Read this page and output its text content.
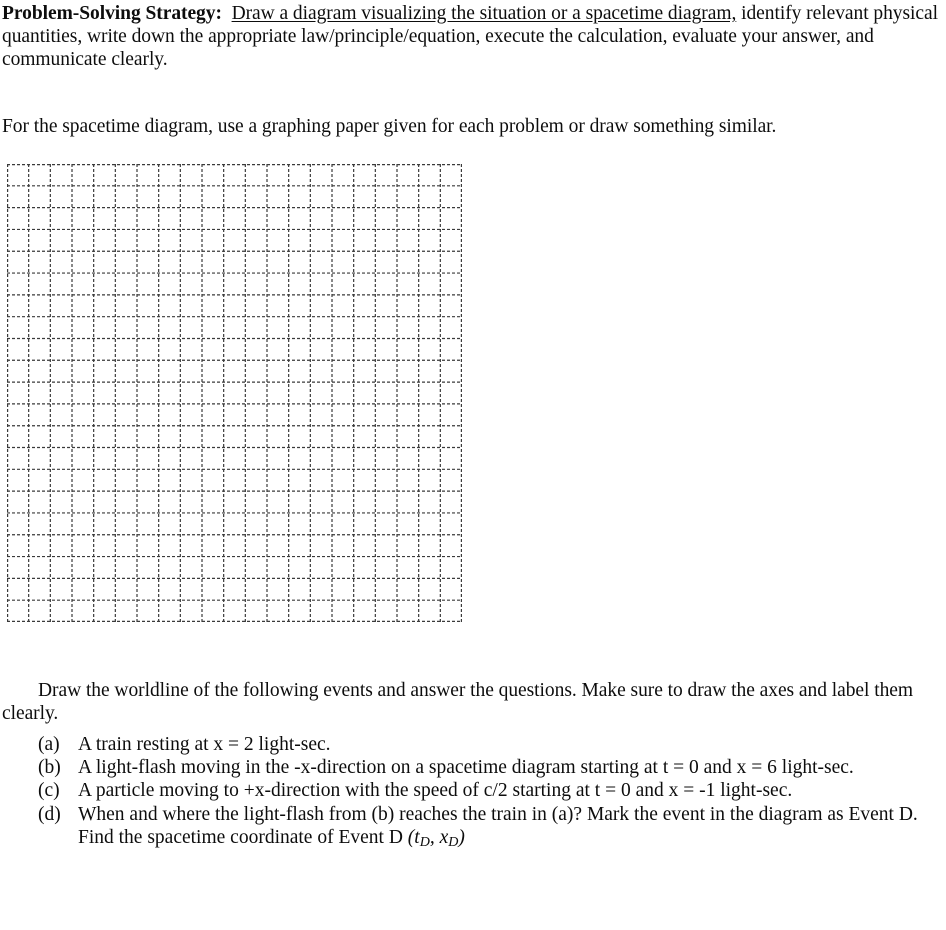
Problem-Solving Strategy: Draw a diagram visualizing the situation or a spacetime diagram, identify relevant physical quantities, write down the appropriate law/principle/equation, execute the calculation, evaluate your answer, and communicate clearly.
For the spacetime diagram, use a graphing paper given for each problem or draw something similar.
Draw the worldline of the following events and answer the questions. Make sure to draw the axes and label them clearly.
(a) A train resting at x = 2 light-sec.
(b) A light-flash moving in the -x-direction on a spacetime diagram starting at t = 0 and x = 6 light-sec.
(c) A particle moving to +x-direction with the speed of c/2 starting at t = 0 and x = -1 light-sec.
(d) When and where the light-flash from (b) reaches the train in (a)? Mark the event in the diagram as Event D. Find the spacetime coordinate of Event D ($t_D$, $x_D$)
